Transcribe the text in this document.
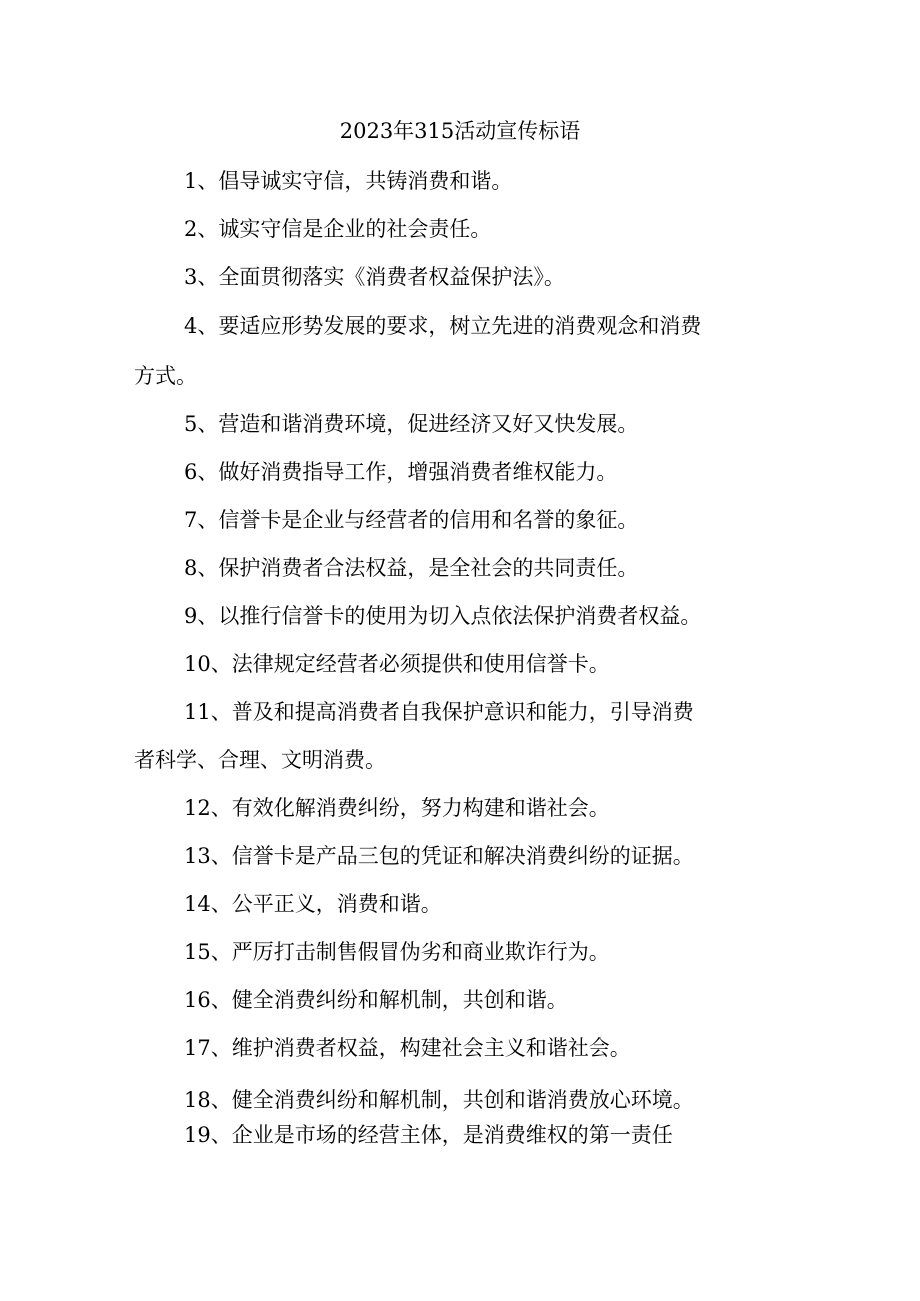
2023年315活动宣传标语

1、倡导诚实守信，共铸消费和谐。

2、诚实守信是企业的社会责任。

3、全面贯彻落实《消费者权益保护法》。

4、要适应形势发展的要求，树立先进的消费观念和消费

方式。

5、营造和谐消费环境，促进经济又好又快发展。

6、做好消费指导工作，增强消费者维权能力。

7、信誉卡是企业与经营者的信用和名誉的象征。

8、保护消费者合法权益，是全社会的共同责任。

9、以推行信誉卡的使用为切入点依法保护消费者权益。

10、法律规定经营者必须提供和使用信誉卡。

11、普及和提高消费者自我保护意识和能力，引导消费

者科学、合理、文明消费。

12、有效化解消费纠纷，努力构建和谐社会。

13、信誉卡是产品三包的凭证和解决消费纠纷的证据。

14、公平正义，消费和谐。

15、严厉打击制售假冒伪劣和商业欺诈行为。

16、健全消费纠纷和解机制，共创和谐。

17、维护消费者权益，构建社会主义和谐社会。

18、健全消费纠纷和解机制，共创和谐消费放心环境。

19、企业是市场的经营主体，是消费维权的第一责任
